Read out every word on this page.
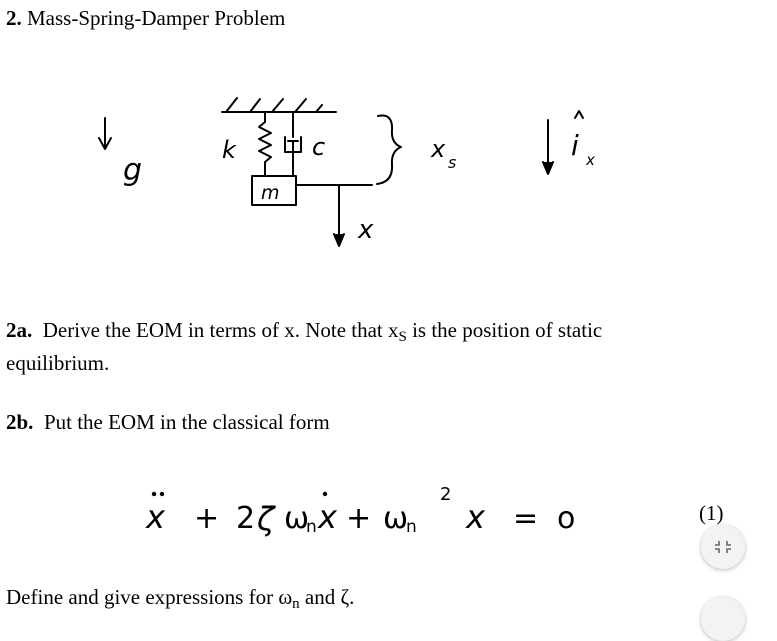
2. Mass-Spring-Damper Problem
g
k	c
m
x s
x
i x
2a. Derive the EOM in terms of x. Note that xS is the position of static
equilibrium.
2b. Put the EOM in the classical form
x + 2 ζ ω
n x + ω
n
2
x = o	(1)
Define and give expressions for ωn and ζ.
